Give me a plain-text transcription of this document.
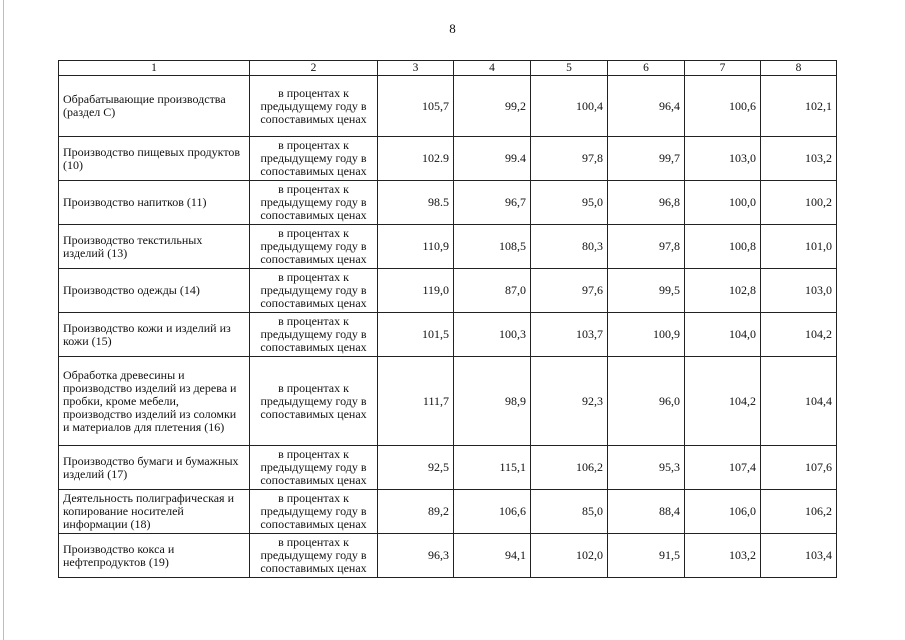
8
1	2	3	4	5	6	7	8
Обрабатывающие производства (раздел С)	в процентах к предыдущему году в сопоставимых ценах	105,7	99,2	100,4	96,4	100,6	102,1
Производство пищевых продуктов (10)	в процентах к предыдущему году в сопоставимых ценах	102.9	99.4	97,8	99,7	103,0	103,2
Производство напитков (11)	в процентах к предыдущему году в сопоставимых ценах	98.5	96,7	95,0	96,8	100,0	100,2
Производство текстильных изделий (13)	в процентах к предыдущему году в сопоставимых ценах	110,9	108,5	80,3	97,8	100,8	101,0
Производство одежды (14)	в процентах к предыдущему году в сопоставимых ценах	119,0	87,0	97,6	99,5	102,8	103,0
Производство кожи и изделий из кожи (15)	в процентах к предыдущему году в сопоставимых ценах	101,5	100,3	103,7	100,9	104,0	104,2
Обработка древесины и производство изделий из дерева и пробки, кроме мебели, производство изделий из соломки и материалов для плетения (16)	в процентах к предыдущему году в сопоставимых ценах	111,7	98,9	92,3	96,0	104,2	104,4
Производство бумаги и бумажных изделий (17)	в процентах к предыдущему году в сопоставимых ценах	92,5	115,1	106,2	95,3	107,4	107,6
Деятельность полиграфическая и копирование носителей информации (18)	в процентах к предыдущему году в сопоставимых ценах	89,2	106,6	85,0	88,4	106,0	106,2
Производство кокса и нефтепродуктов (19)	в процентах к предыдущему году в сопоставимых ценах	96,3	94,1	102,0	91,5	103,2	103,4
